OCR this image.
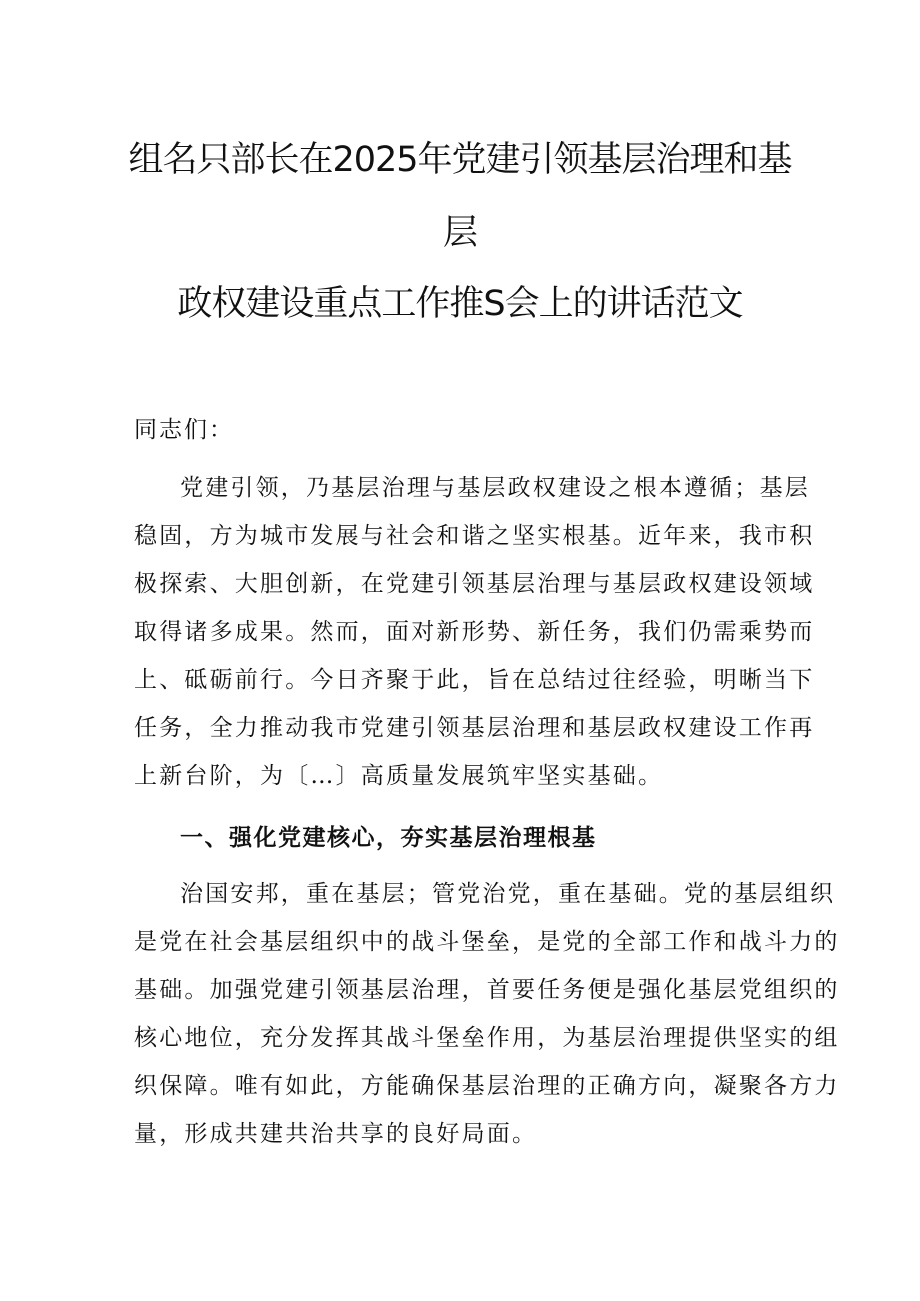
组名只部长在2025年党建引领基层治理和基
层
政权建设重点工作推S会上的讲话范文
同志们：
党建引领，乃基层治理与基层政权建设之根本遵循；基层
稳固，方为城市发展与社会和谐之坚实根基。近年来，我市积
极探索、大胆创新，在党建引领基层治理与基层政权建设领域
取得诸多成果。然而，面对新形势、新任务，我们仍需乘势而
上、砥砺前行。今日齐聚于此，旨在总结过往经验，明晰当下
任务，全力推动我市党建引领基层治理和基层政权建设工作再
上新台阶，为〔…〕高质量发展筑牢坚实基础。
一、强化党建核心，夯实基层治理根基
治国安邦，重在基层；管党治党，重在基础。党的基层组织
是党在社会基层组织中的战斗堡垒，是党的全部工作和战斗力的
基础。加强党建引领基层治理，首要任务便是强化基层党组织的
核心地位，充分发挥其战斗堡垒作用，为基层治理提供坚实的组
织保障。唯有如此，方能确保基层治理的正确方向，凝聚各方力
量，形成共建共治共享的良好局面。
